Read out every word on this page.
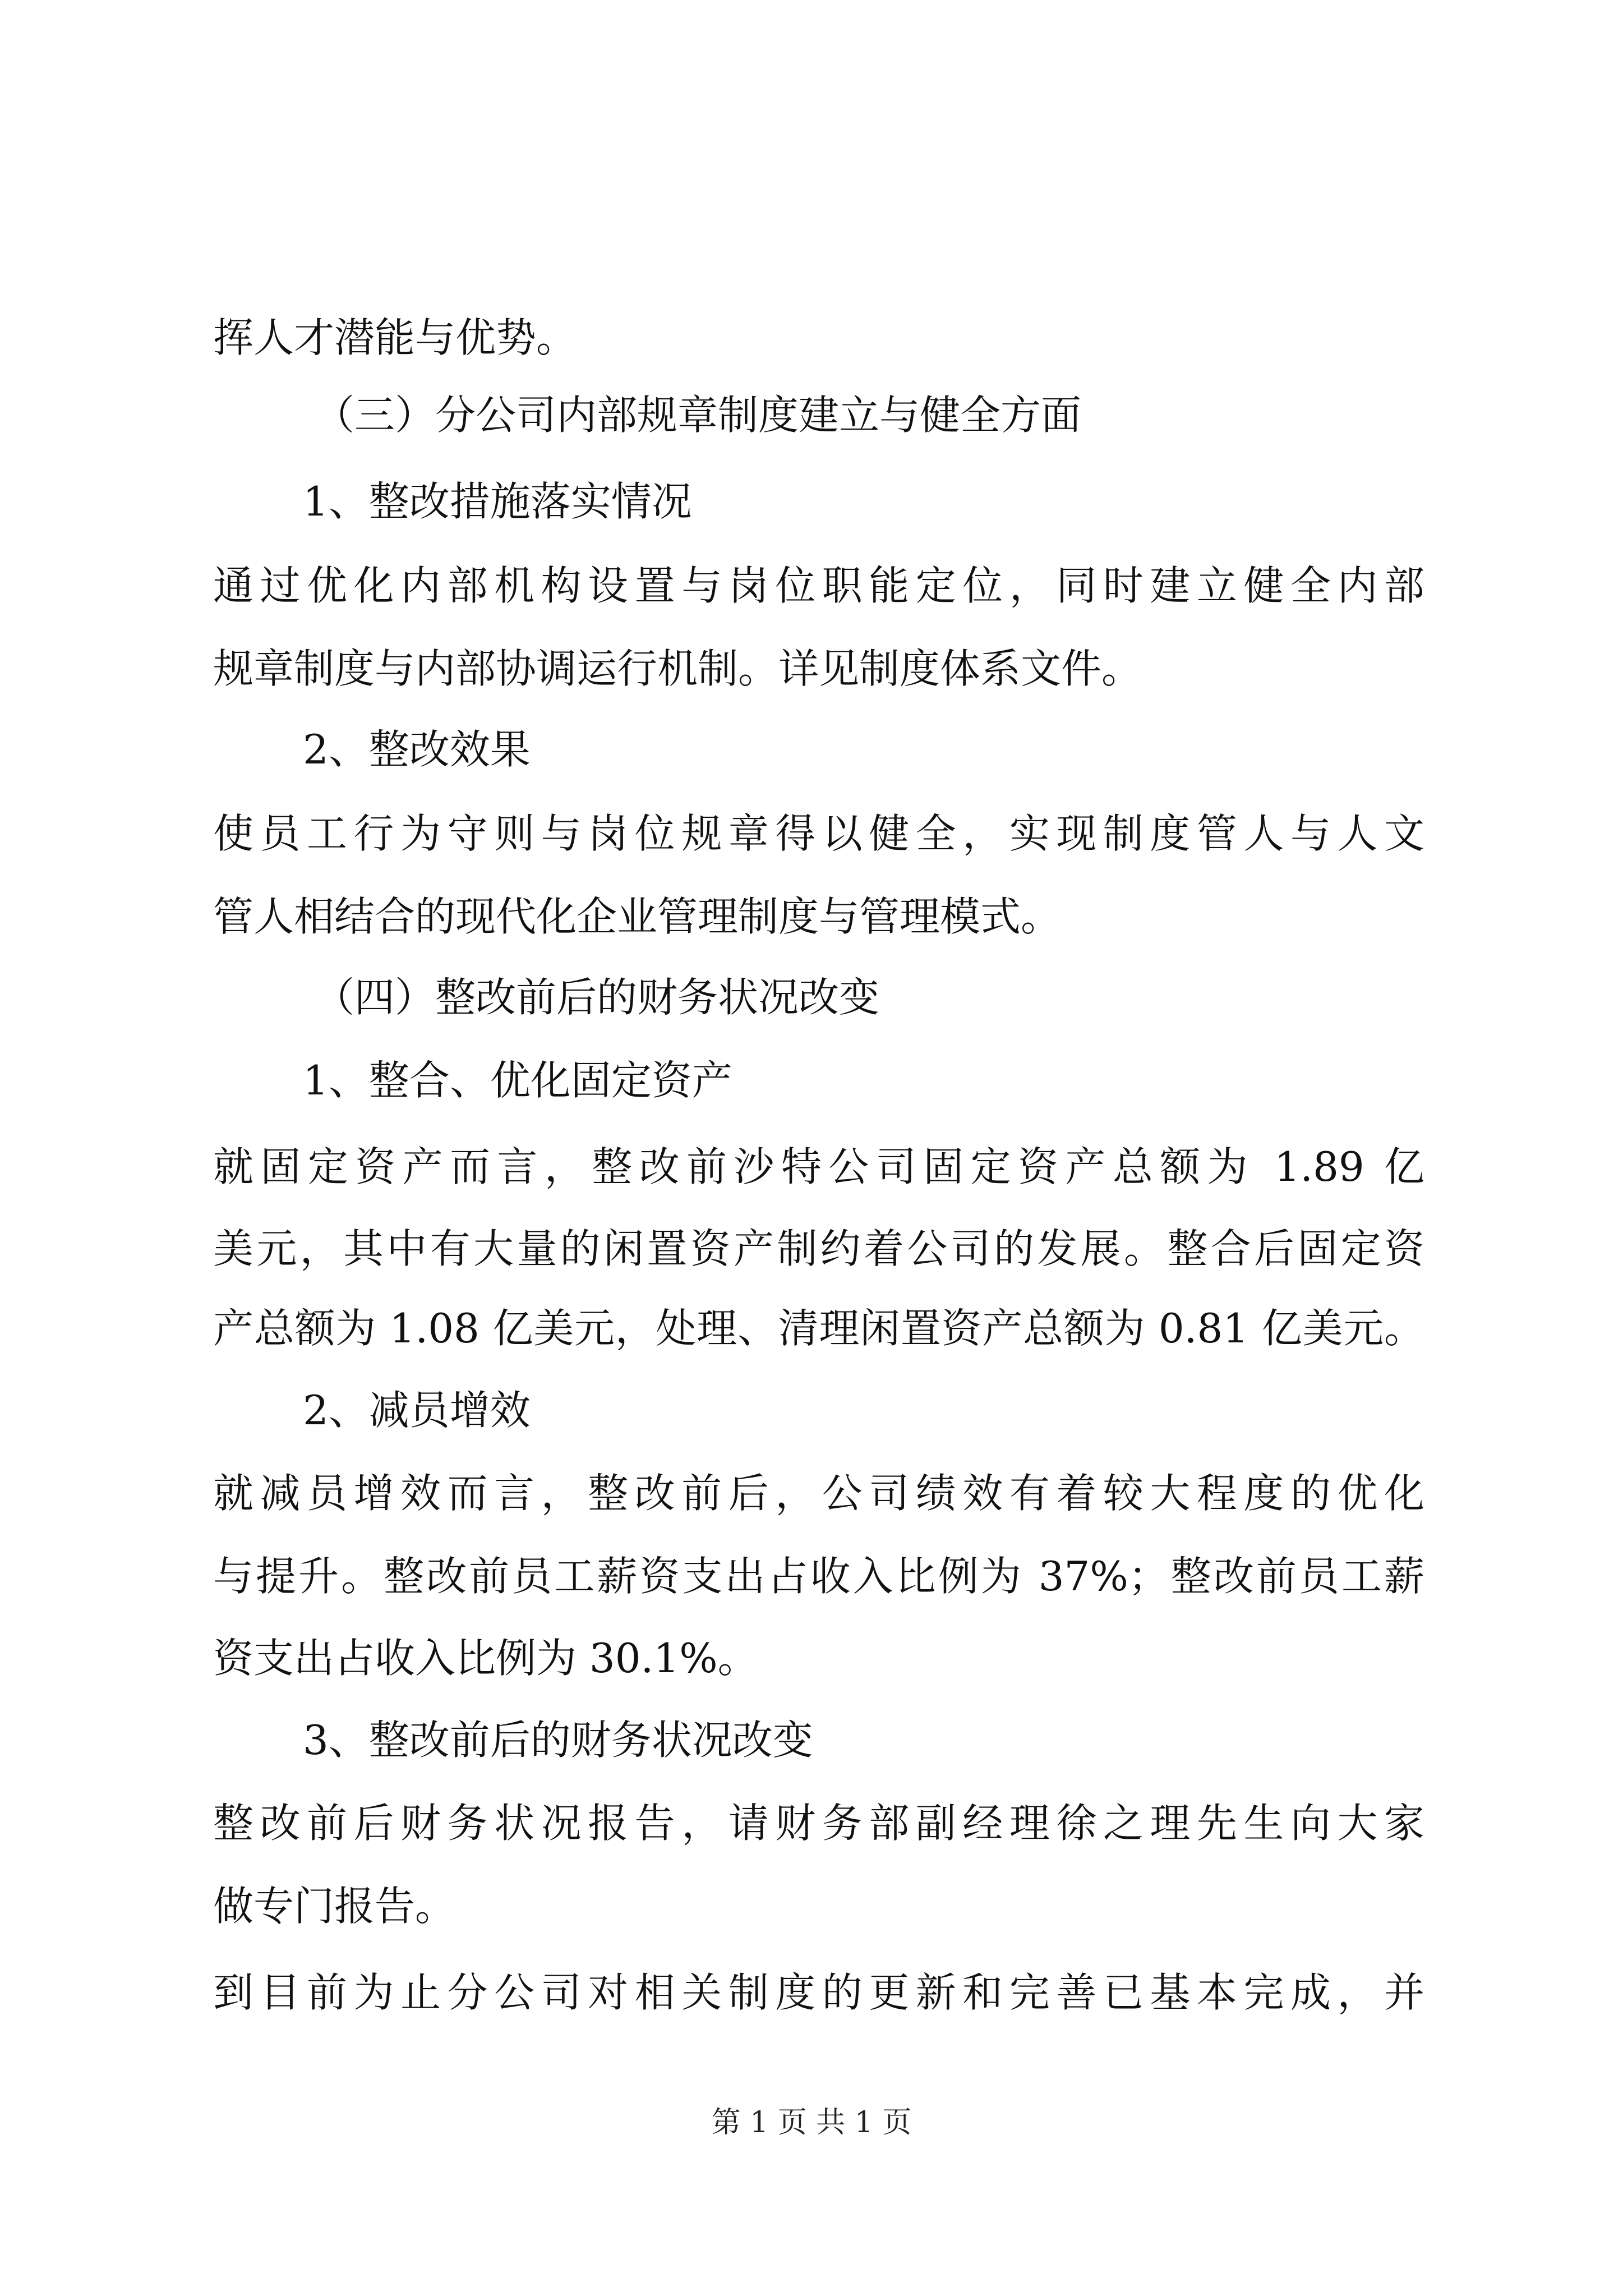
挥人才潜能与优势。
（三）分公司内部规章制度建立与健全方面
1、整改措施落实情况
通过优化内部机构设置与岗位职能定位，同时建立健全内部
规章制度与内部协调运行机制。详见制度体系文件。
2、整改效果
使员工行为守则与岗位规章得以健全，实现制度管人与人文
管人相结合的现代化企业管理制度与管理模式。
（四）整改前后的财务状况改变
1、整合、优化固定资产
就固定资产而言，整改前沙特公司固定资产总额为 1.89 亿
美元，其中有大量的闲置资产制约着公司的发展。整合后固定资
产总额为 1.08 亿美元，处理、清理闲置资产总额为 0.81 亿美元。
2、减员增效
就减员增效而言，整改前后，公司绩效有着较大程度的优化
与提升。整改前员工薪资支出占收入比例为 37%；整改前员工薪
资支出占收入比例为 30.1%。
3、整改前后的财务状况改变
整改前后财务状况报告，请财务部副经理徐之理先生向大家
做专门报告。
到目前为止分公司对相关制度的更新和完善已基本完成，并
第 1 页 共 1 页
